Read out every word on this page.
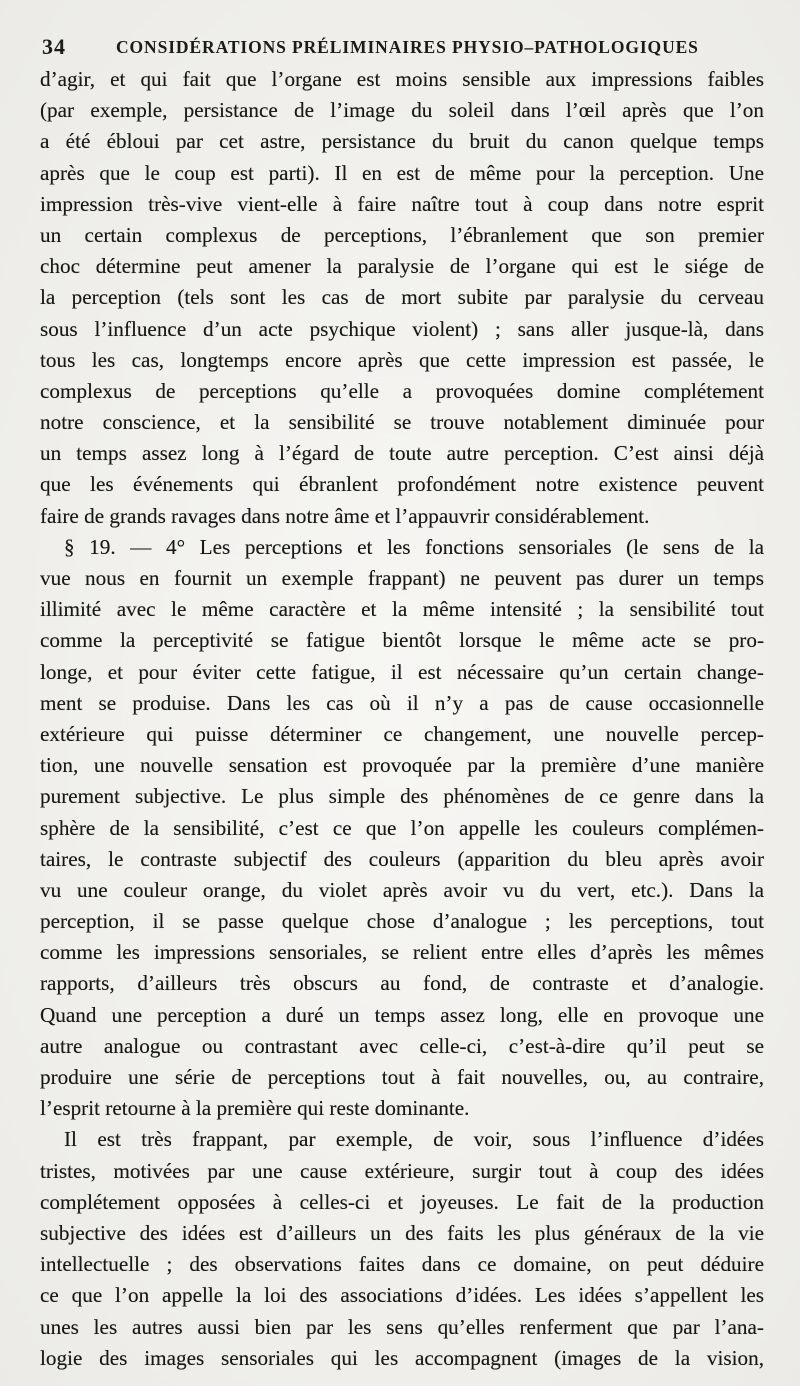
34	CONSIDÉRATIONS PRÉLIMINAIRES PHYSIO–PATHOLOGIQUES
d’agir, et qui fait que l’organe est moins sensible aux impressions faibles
(par exemple, persistance de l’image du soleil dans l’œil après que l’on
a été ébloui par cet astre, persistance du bruit du canon quelque temps
après que le coup est parti). Il en est de même pour la perception. Une
impression très-vive vient-elle à faire naître tout à coup dans notre esprit
un certain complexus de perceptions, l’ébranlement que son premier
choc détermine peut amener la paralysie de l’organe qui est le siége de
la perception (tels sont les cas de mort subite par paralysie du cerveau
sous l’influence d’un acte psychique violent) ; sans aller jusque-là, dans
tous les cas, longtemps encore après que cette impression est passée, le
complexus de perceptions qu’elle a provoquées domine complétement
notre conscience, et la sensibilité se trouve notablement diminuée pour
un temps assez long à l’égard de toute autre perception. C’est ainsi déjà
que les événements qui ébranlent profondément notre existence peuvent
faire de grands ravages dans notre âme et l’appauvrir considérablement.
§ 19. — 4° Les perceptions et les fonctions sensoriales (le sens de la
vue nous en fournit un exemple frappant) ne peuvent pas durer un temps
illimité avec le même caractère et la même intensité ; la sensibilité tout
comme la perceptivité se fatigue bientôt lorsque le même acte se pro-
longe, et pour éviter cette fatigue, il est nécessaire qu’un certain change-
ment se produise. Dans les cas où il n’y a pas de cause occasionnelle
extérieure qui puisse déterminer ce changement, une nouvelle percep-
tion, une nouvelle sensation est provoquée par la première d’une manière
purement subjective. Le plus simple des phénomènes de ce genre dans la
sphère de la sensibilité, c’est ce que l’on appelle les couleurs complémen-
taires, le contraste subjectif des couleurs (apparition du bleu après avoir
vu une couleur orange, du violet après avoir vu du vert, etc.). Dans la
perception, il se passe quelque chose d’analogue ; les perceptions, tout
comme les impressions sensoriales, se relient entre elles d’après les mêmes
rapports, d’ailleurs très obscurs au fond, de contraste et d’analogie.
Quand une perception a duré un temps assez long, elle en provoque une
autre analogue ou contrastant avec celle-ci, c’est-à-dire qu’il peut se
produire une série de perceptions tout à fait nouvelles, ou, au contraire,
l’esprit retourne à la première qui reste dominante.
Il est très frappant, par exemple, de voir, sous l’influence d’idées
tristes, motivées par une cause extérieure, surgir tout à coup des idées
complétement opposées à celles-ci et joyeuses. Le fait de la production
subjective des idées est d’ailleurs un des faits les plus généraux de la vie
intellectuelle ; des observations faites dans ce domaine, on peut déduire
ce que l’on appelle la loi des associations d’idées. Les idées s’appellent les
unes les autres aussi bien par les sens qu’elles renferment que par l’ana-
logie des images sensoriales qui les accompagnent (images de la vision,
